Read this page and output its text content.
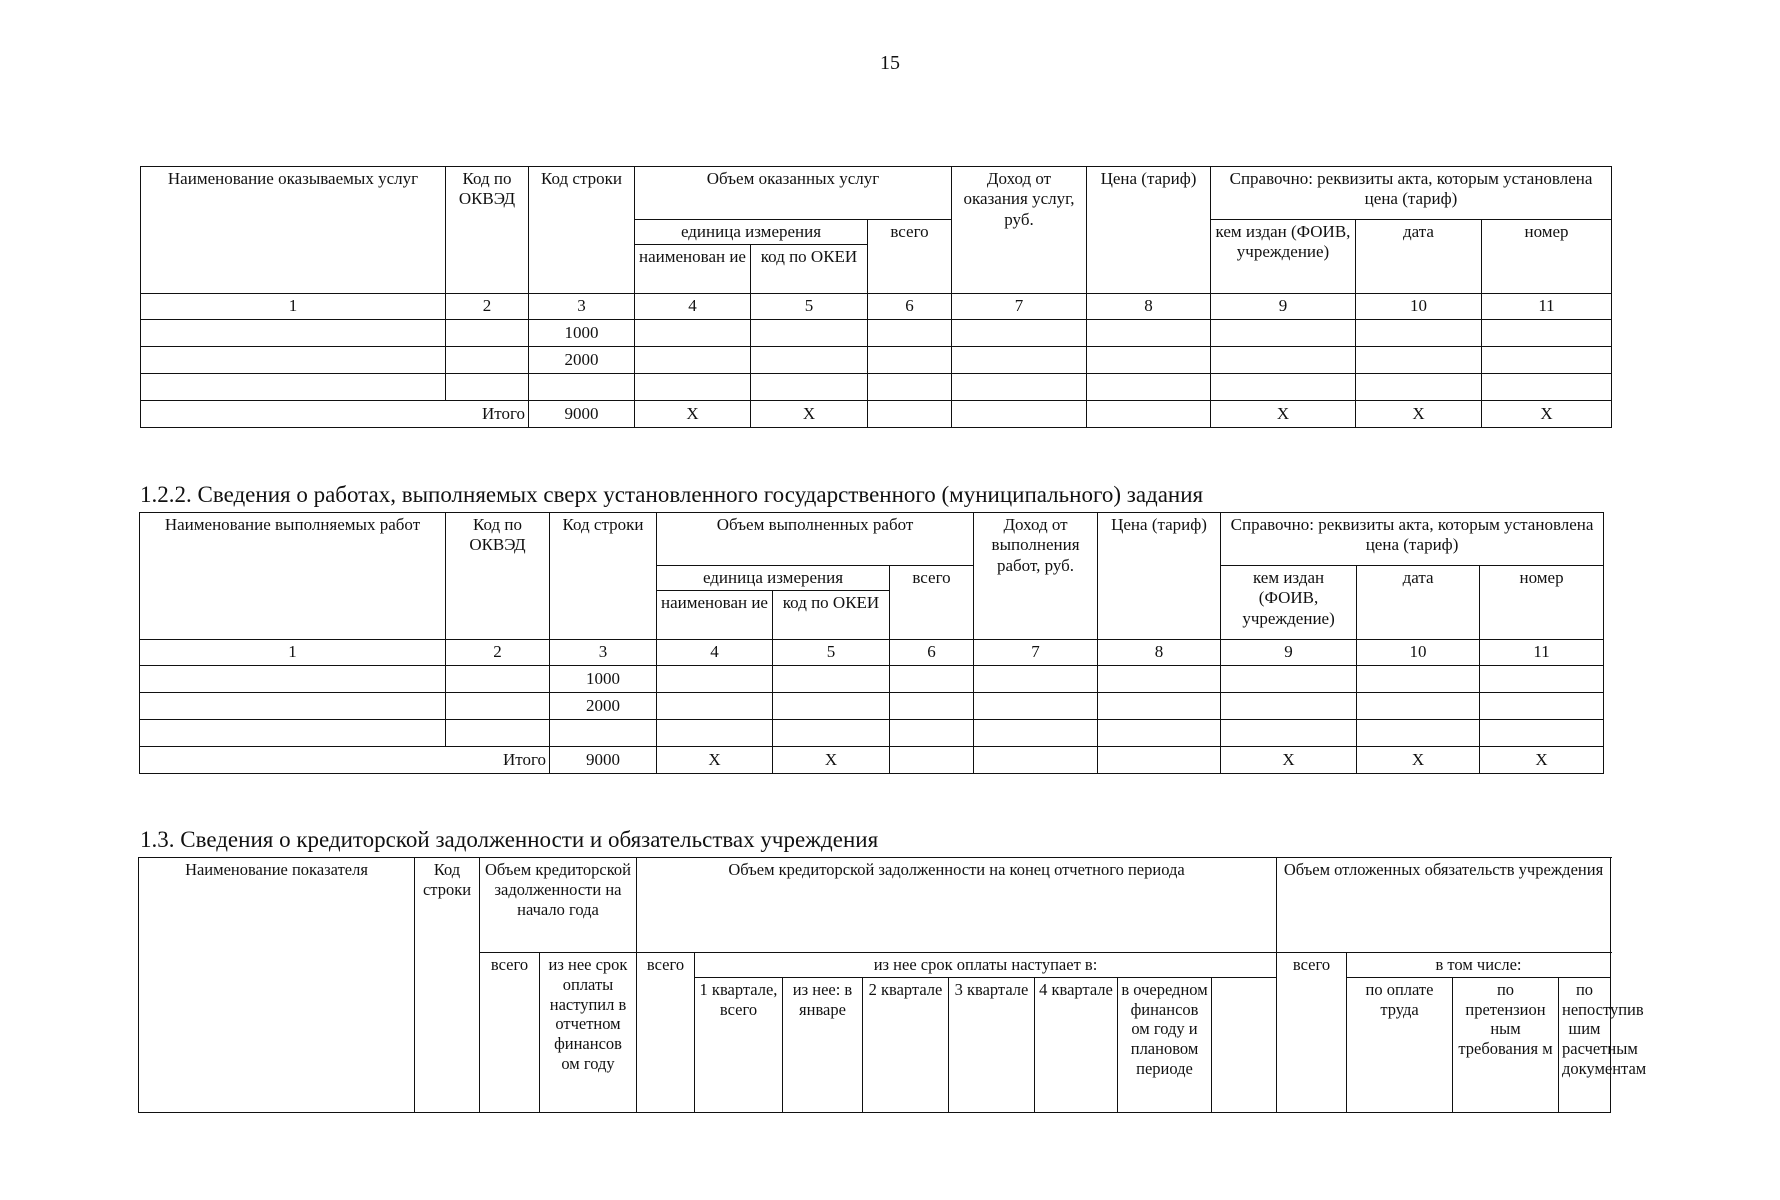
15
Наименование оказываемых услуг	Код по ОКВЭД	Код строки	Объем оказанных услуг			Доход от оказания услуг, руб.	Цена (тариф)	Справочно: реквизиты акта, которым установлена цена (тариф)		
			единица измерения		всего			кем издан (ФОИВ, учреждение)	дата	номер
			наименован ие	код по ОКЕИ						
1	2	3	4	5	6	7	8	9	10	11
		1000								
		2000								

Итого		9000	X	X				X	X	X
1.2.2. Сведения о работах, выполняемых сверх установленного государственного (муниципального) задания
Наименование выполняемых работ	Код по ОКВЭД	Код строки	Объем выполненных работ			Доход от выполнения работ, руб.	Цена (тариф)	Справочно: реквизиты акта, которым установлена цена (тариф)		
			единица измерения		всего			кем издан (ФОИВ, учреждение)	дата	номер
			наименован ие	код по ОКЕИ						
1	2	3	4	5	6	7	8	9	10	11
		1000								
		2000								

Итого		9000	X	X				X	X	X
1.3. Сведения о кредиторской задолженности и обязательствах учреждения
Наименование показателя	Код строки	Объем кредиторской задолженности на начало года		Объем кредиторской задолженности на конец отчетного периода								Объем отложенных обязательств учреждения				
		всего	из нее срок оплаты наступил в отчетном финансов ом году	всего	из нее срок оплаты наступает в:							всего	в том числе:			
					1 квартале, всего	из нее: в январе	2 квартале	3 квартале	4 квартале	в очередном финансов ом году и плановом периоде			по оплате труда	по претензион ным требования м	по непоступив шим расчетным документам	
